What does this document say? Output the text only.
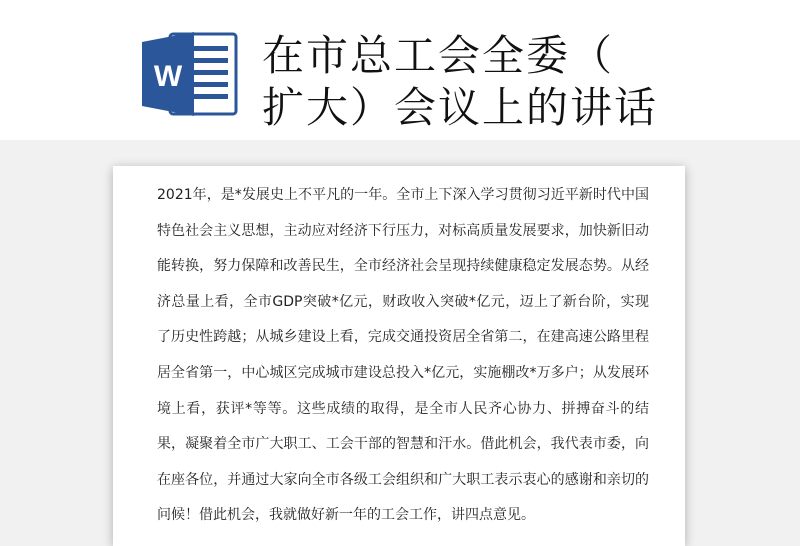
W 在市总工会全委（
扩大）会议上的讲话

2021年，是*发展史上不平凡的一年。全市上下深入学习贯彻习近平新时代中国特色社会主义思想，主动应对经济下行压力，对标高质量发展要求，加快新旧动能转换，努力保障和改善民生，全市经济社会呈现持续健康稳定发展态势。从经济总量上看，全市GDP突破*亿元，财政收入突破*亿元，迈上了新台阶，实现了历史性跨越；从城乡建设上看，完成交通投资居全省第二，在建高速公路里程居全省第一，中心城区完成城市建设总投入*亿元，实施棚改*万多户；从发展环境上看，获评*等等。这些成绩的取得，是全市人民齐心协力、拼搏奋斗的结果，凝聚着全市广大职工、工会干部的智慧和汗水。借此机会，我代表市委，向在座各位，并通过大家向全市各级工会组织和广大职工表示衷心的感谢和亲切的问候！借此机会，我就做好新一年的工会工作，讲四点意见。
